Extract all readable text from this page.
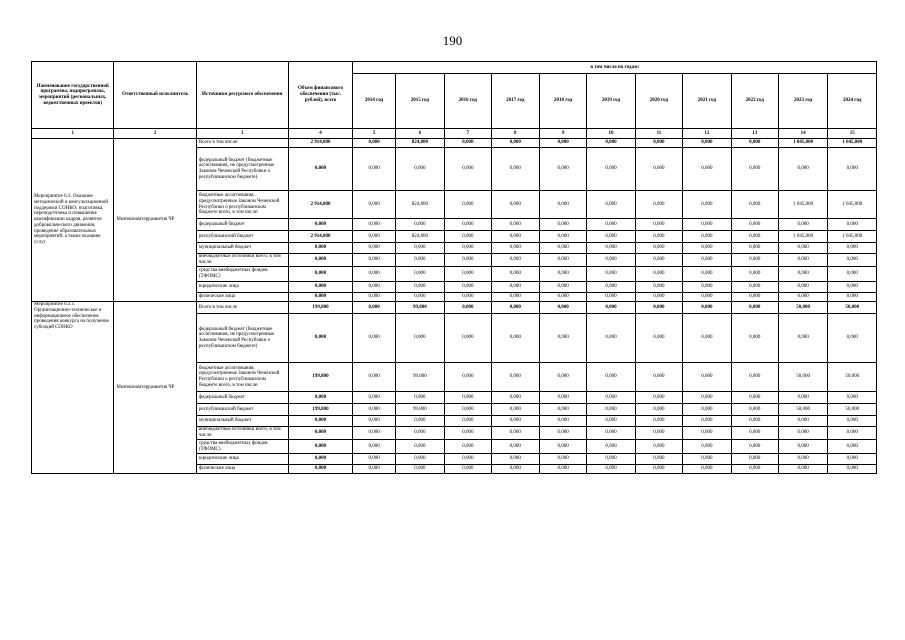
190
Наименование государственной программы, подпрограммы, мероприятий (региональных, ведомственных проектов)	Ответственный исполнитель	Источники ресурсного обеспечения	Объем финансового обеспечения (тыс. рублей), всего	в том числе по годам:										
				2014 год	2015 год	2016 год	2017 год	2018 год	2019 год	2020 год	2021 год	2022 год	2023 год	2024 год
1	2	3	4	5	6	7	8	9	10	11	12	13	14	15
Мероприятие 6.3. Оказание методической и консультационной поддержки СОНКО; подготовка, переподготовка и повышение квалификации кадров, развитие добровольческого движения, проведение образовательных мероприятий, а также оказание услуг	Минэкономтерразвития ЧР	Всего в том числе:	2 914,800	0,000	824,800	0,000	0,000	0,000	0,000	0,000	0,000	0,000	1 045,000	1 045,000
		федеральный бюджет (бюджетные ассигнования, не предусмотренные Законом Чеченской Республики о республиканском бюджете)	0,000	0,000	0,000	0,000	0,000	0,000	0,000	0,000	0,000	0,000	0,000	0,000
		бюджетные ассигнования, предусмотренные Законом Чеченской Республики о республиканском бюджете всего, в том числе:	2 914,800	0,000	824,800	0,000	0,000	0,000	0,000	0,000	0,000	0,000	1 045,000	1 045,000
		федеральный бюджет	0,000	0,000	0,000	0,000	0,000	0,000	0,000	0,000	0,000	0,000	0,000	0,000
		республиканский бюджет	2 914,800	0,000	824,800	0,000	0,000	0,000	0,000	0,000	0,000	0,000	1 045,000	1 045,000
		муниципальный бюджет	0,000	0,000	0,000	0,000	0,000	0,000	0,000	0,000	0,000	0,000	0,000	0,000
		внебюджетные источники всего, в том числе:	0,000	0,000	0,000	0,000	0,000	0,000	0,000	0,000	0,000	0,000	0,000	0,000
		средства внебюджетных фондов (ТФОМС)	0,000	0,000	0,000	0,000	0,000	0,000	0,000	0,000	0,000	0,000	0,000	0,000
		юридические лица	0,000	0,000	0,000	0,000	0,000	0,000	0,000	0,000	0,000	0,000	0,000	0,000
		физические лица	0,000	0,000	0,000	0,000	0,000	0,000	0,000	0,000	0,000	0,000	0,000	0,000
Мероприятие 6.3.1. Организационно-техническое и информационное обеспечение проведения конкурса на получение субсидий СОНКО	Минэкономтерразвития ЧР	Всего в том числе	199,800	0,000	99,800	0,000	0,000	0,000	0,000	0,000	0,000	0,000	50,000	50,000
		федеральный бюджет (бюджетные ассигнования, не предусмотренные Законом Чеченской Республики о республиканском бюджете)	0,000	0,000	0,000	0,000	0,000	0,000	0,000	0,000	0,000	0,000	0,000	0,000
		бюджетные ассигнования, предусмотренные Законом Чеченской Республики о республиканском бюджете всего, в том числе:	199,800	0,000	99,800	0,000	0,000	0,000	0,000	0,000	0,000	0,000	50,000	50,000
		федеральный бюджет	0,000	0,000	0,000	0,000	0,000	0,000	0,000	0,000	0,000	0,000	0,000	0,000
		республиканский бюджет	199,800	0,000	99,800	0,000	0,000	0,000	0,000	0,000	0,000	0,000	50,000	50,000
		муниципальный бюджет	0,000	0,000	0,000	0,000	0,000	0,000	0,000	0,000	0,000	0,000	0,000	0,000
		внебюджетные источники всего, в том числе:	0,000	0,000	0,000	0,000	0,000	0,000	0,000	0,000	0,000	0,000	0,000	0,000
		средства внебюджетных фондов (ТФОМС)	0,000	0,000	0,000	0,000	0,000	0,000	0,000	0,000	0,000	0,000	0,000	0,000
		юридические лица	0,000	0,000	0,000	0,000	0,000	0,000	0,000	0,000	0,000	0,000	0,000	0,000
		физические лица	0,000	0,000	0,000	0,000	0,000	0,000	0,000	0,000	0,000	0,000	0,000	0,000
